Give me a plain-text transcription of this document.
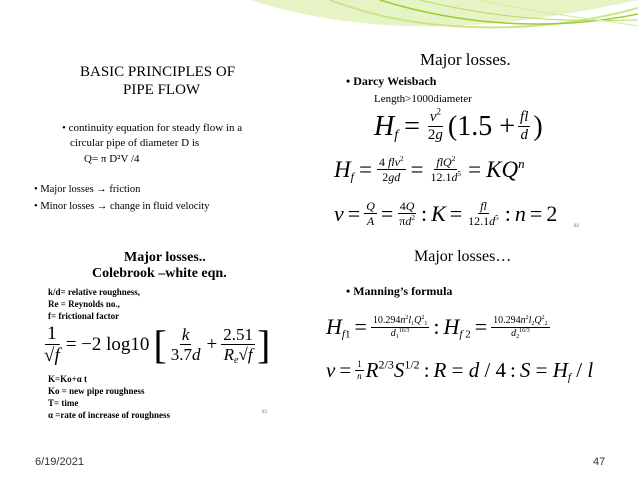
BASIC PRINCIPLES OF
PIPE FLOW
• continuity equation for steady flow in a
circular pipe of diameter D is
Q= π D²V /4
• Major losses → friction
• Minor losses → change in fluid velocity
Major losses.
• Darcy Weisbach
Length>1000diameter
$H_f = \frac{v^2}{2g} (1.5 + \frac{fl}{d}$ )
$H_f = \frac{4 flv^2}{2gd} = \frac{flQ^2}{12.1d^5} = KQ^n$
$v = \frac{Q}{A} = \frac{4Q}{\pi d^2}$ : $K = \frac{fl}{12.1d^5}$ : n = 2
82
Major losses..
Colebrook –white eqn.
k/d= relative roughness,
Re = Reynolds no.,
f= frictional factor
$\frac{1}{√f} = -2$ log10 [ $\frac{k}{3.7d} + \frac{2.51}{R_e√f}$ ]
K=Ko+α t
Ko = new pipe roughness
T= time
α =rate of increase of roughness	83
Major losses…
• Manning’s formula
$H_{f1} = \frac{10.294n^2l_1Q^2_1}{d_1^{16/3}}$ : $H_{f 2} = \frac{10.294n^2l_2Q^2_2}{d_2^{16/3}}$
$v = \frac{1}{n} R^{2/3}S^{1/2}$ : R = d / 4 : $S = H_f / l$
6/19/2021	47
